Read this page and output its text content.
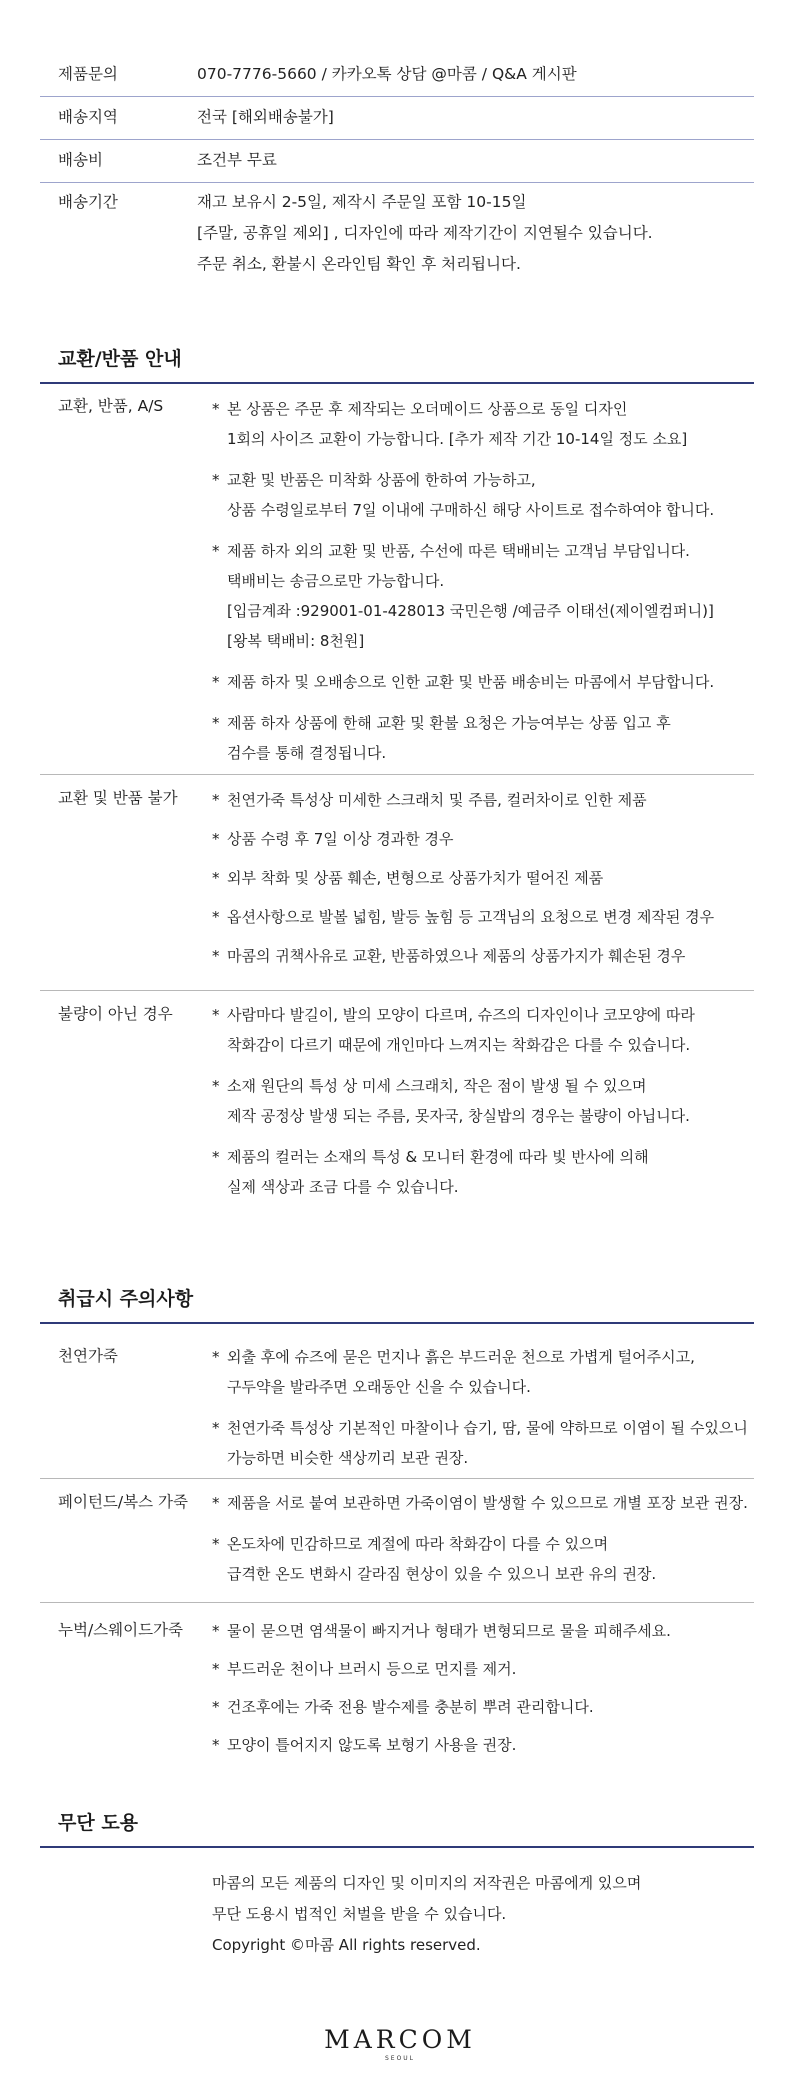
제품문의	070-7776-5660 / 카카오톡 상담 @마콤 / Q&A 게시판
배송지역	전국 [해외배송불가]
배송비	조건부 무료
배송기간	재고 보유시 2-5일, 제작시 주문일 포함 10-15일
[주말, 공휴일 제외] , 디자인에 따라 제작기간이 지연될수 있습니다.
주문 취소, 환불시 온라인팀 확인 후 처리됩니다.
교환/반품 안내
교환, 반품, A/S	* 본 상품은 주문 후 제작되는 오더메이드 상품으로 동일 디자인
1회의 사이즈 교환이 가능합니다. [추가 제작 기간 10-14일 정도 소요]
* 교환 및 반품은 미착화 상품에 한하여 가능하고,
상품 수령일로부터 7일 이내에 구매하신 해당 사이트로 접수하여야 합니다.
* 제품 하자 외의 교환 및 반품, 수선에 따른 택배비는 고객님 부담입니다.
택배비는 송금으로만 가능합니다.
[입금계좌 :929001-01-428013 국민은행 /예금주 이태선(제이엘컴퍼니)]
[왕복 택배비: 8천원]
* 제품 하자 및 오배송으로 인한 교환 및 반품 배송비는 마콤에서 부담합니다.
* 제품 하자 상품에 한해 교환 및 환불 요청은 가능여부는 상품 입고 후
검수를 통해 결정됩니다.
교환 및 반품 불가 * 천연가죽 특성상 미세한 스크래치 및 주름, 컬러차이로 인한 제품
* 상품 수령 후 7일 이상 경과한 경우
* 외부 착화 및 상품 훼손, 변형으로 상품가치가 떨어진 제품
* 옵션사항으로 발볼 넓힘, 발등 높힘 등 고객님의 요청으로 변경 제작된 경우
* 마콤의 귀책사유로 교환, 반품하였으나 제품의 상품가지가 훼손된 경우
불량이 아닌 경우	* 사람마다 발길이, 발의 모양이 다르며, 슈즈의 디자인이나 코모양에 따라
착화감이 다르기 때문에 개인마다 느껴지는 착화감은 다를 수 있습니다.
* 소재 원단의 특성 상 미세 스크래치, 작은 점이 발생 될 수 있으며
제작 공정상 발생 되는 주름, 못자국, 창실밥의 경우는 불량이 아닙니다.
* 제품의 컬러는 소재의 특성 & 모니터 환경에 따라 빛 반사에 의해
실제 색상과 조금 다를 수 있습니다.
취급시 주의사항
천연가죽	* 외출 후에 슈즈에 묻은 먼지나 흙은 부드러운 천으로 가볍게 털어주시고,
구두약을 발라주면 오래동안 신을 수 있습니다.
* 천연가죽 특성상 기본적인 마찰이나 습기, 땀, 물에 약하므로 이염이 될 수있으니
가능하면 비슷한 색상끼리 보관 권장.
페이턴드/복스 가죽 * 제품을 서로 붙여 보관하면 가죽이염이 발생할 수 있으므로 개별 포장 보관 권장.
* 온도차에 민감하므로 계절에 따라 착화감이 다를 수 있으며
급격한 온도 변화시 갈라짐 현상이 있을 수 있으니 보관 유의 권장.
누벅/스웨이드가죽 * 물이 묻으면 염색물이 빠지거나 형태가 변형되므로 물을 피해주세요.
* 부드러운 천이나 브러시 등으로 먼지를 제거.
* 건조후에는 가죽 전용 발수제를 충분히 뿌려 관리합니다.
* 모양이 틀어지지 않도록 보형기 사용을 권장.
무단 도용
마콤의 모든 제품의 디자인 및 이미지의 저작권은 마콤에게 있으며
무단 도용시 법적인 처벌을 받을 수 있습니다.
Copyright ©마콤 All rights reserved.
MARCOM
SEOUL
